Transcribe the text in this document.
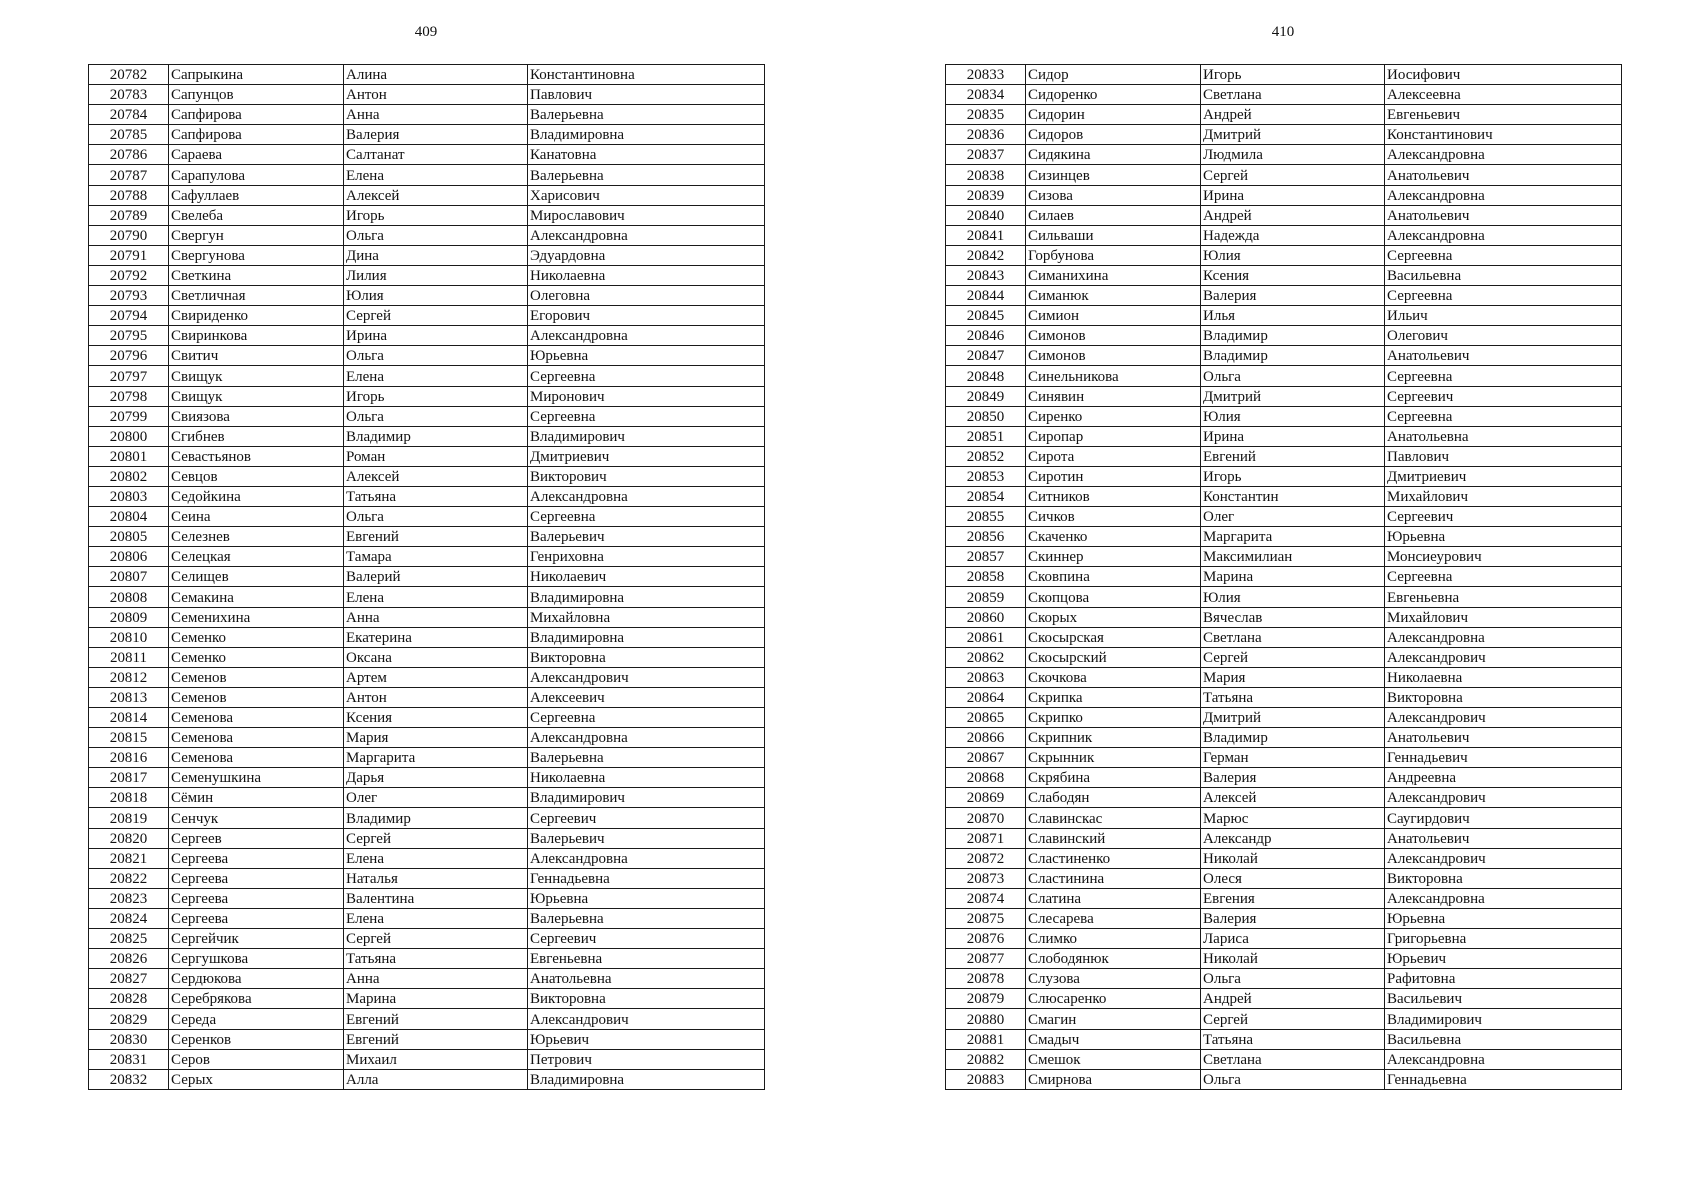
409
20782	Сапрыкина	Алина	Константиновна
20783	Сапунцов	Антон	Павлович
20784	Сапфирова	Анна	Валерьевна
20785	Сапфирова	Валерия	Владимировна
20786	Сараева	Салтанат	Канатовна
20787	Сарапулова	Елена	Валерьевна
20788	Сафуллаев	Алексей	Харисович
20789	Свелеба	Игорь	Мирославович
20790	Свергун	Ольга	Александровна
20791	Свергунова	Дина	Эдуардовна
20792	Светкина	Лилия	Николаевна
20793	Светличная	Юлия	Олеговна
20794	Свириденко	Сергей	Егорович
20795	Свиринкова	Ирина	Александровна
20796	Свитич	Ольга	Юрьевна
20797	Свищук	Елена	Сергеевна
20798	Свищук	Игорь	Миронович
20799	Свиязова	Ольга	Сергеевна
20800	Сгибнев	Владимир	Владимирович
20801	Севастьянов	Роман	Дмитриевич
20802	Севцов	Алексей	Викторович
20803	Седойкина	Татьяна	Александровна
20804	Сеина	Ольга	Сергеевна
20805	Селезнев	Евгений	Валерьевич
20806	Селецкая	Тамара	Генриховна
20807	Селищев	Валерий	Николаевич
20808	Семакина	Елена	Владимировна
20809	Семенихина	Анна	Михайловна
20810	Семенко	Екатерина	Владимировна
20811	Семенко	Оксана	Викторовна
20812	Семенов	Артем	Александрович
20813	Семенов	Антон	Алексеевич
20814	Семенова	Ксения	Сергеевна
20815	Семенова	Мария	Александровна
20816	Семенова	Маргарита	Валерьевна
20817	Семенушкина	Дарья	Николаевна
20818	Сёмин	Олег	Владимирович
20819	Сенчук	Владимир	Сергеевич
20820	Сергеев	Сергей	Валерьевич
20821	Сергеева	Елена	Александровна
20822	Сергеева	Наталья	Геннадьевна
20823	Сергеева	Валентина	Юрьевна
20824	Сергеева	Елена	Валерьевна
20825	Сергейчик	Сергей	Сергеевич
20826	Сергушкова	Татьяна	Евгеньевна
20827	Сердюкова	Анна	Анатольевна
20828	Серебрякова	Марина	Викторовна
20829	Середа	Евгений	Александрович
20830	Серенков	Евгений	Юрьевич
20831	Серов	Михаил	Петрович
20832	Серых	Алла	Владимировна
410
20833	Сидор	Игорь	Иосифович
20834	Сидоренко	Светлана	Алексеевна
20835	Сидорин	Андрей	Евгеньевич
20836	Сидоров	Дмитрий	Константинович
20837	Сидякина	Людмила	Александровна
20838	Сизинцев	Сергей	Анатольевич
20839	Сизова	Ирина	Александровна
20840	Силаев	Андрей	Анатольевич
20841	Сильваши	Надежда	Александровна
20842	Горбунова	Юлия	Сергеевна
20843	Симанихина	Ксения	Васильевна
20844	Симанюк	Валерия	Сергеевна
20845	Симион	Илья	Ильич
20846	Симонов	Владимир	Олегович
20847	Симонов	Владимир	Анатольевич
20848	Синельникова	Ольга	Сергеевна
20849	Синявин	Дмитрий	Сергеевич
20850	Сиренко	Юлия	Сергеевна
20851	Сиропар	Ирина	Анатольевна
20852	Сирота	Евгений	Павлович
20853	Сиротин	Игорь	Дмитриевич
20854	Ситников	Константин	Михайлович
20855	Сичков	Олег	Сергеевич
20856	Скаченко	Маргарита	Юрьевна
20857	Скиннер	Максимилиан	Монсиеурович
20858	Сковпина	Марина	Сергеевна
20859	Скопцова	Юлия	Евгеньевна
20860	Скорых	Вячеслав	Михайлович
20861	Скосырская	Светлана	Александровна
20862	Скосырский	Сергей	Александрович
20863	Скочкова	Мария	Николаевна
20864	Скрипка	Татьяна	Викторовна
20865	Скрипко	Дмитрий	Александрович
20866	Скрипник	Владимир	Анатольевич
20867	Скрынник	Герман	Геннадьевич
20868	Скрябина	Валерия	Андреевна
20869	Слабодян	Алексей	Александрович
20870	Славинскас	Марюс	Саугирдович
20871	Славинский	Александр	Анатольевич
20872	Сластиненко	Николай	Александрович
20873	Сластинина	Олеся	Викторовна
20874	Слатина	Евгения	Александровна
20875	Слесарева	Валерия	Юрьевна
20876	Слимко	Лариса	Григорьевна
20877	Слободянюк	Николай	Юрьевич
20878	Слузова	Ольга	Рафитовна
20879	Слюсаренко	Андрей	Васильевич
20880	Смагин	Сергей	Владимирович
20881	Смадыч	Татьяна	Васильевна
20882	Смешок	Светлана	Александровна
20883	Смирнова	Ольга	Геннадьевна
